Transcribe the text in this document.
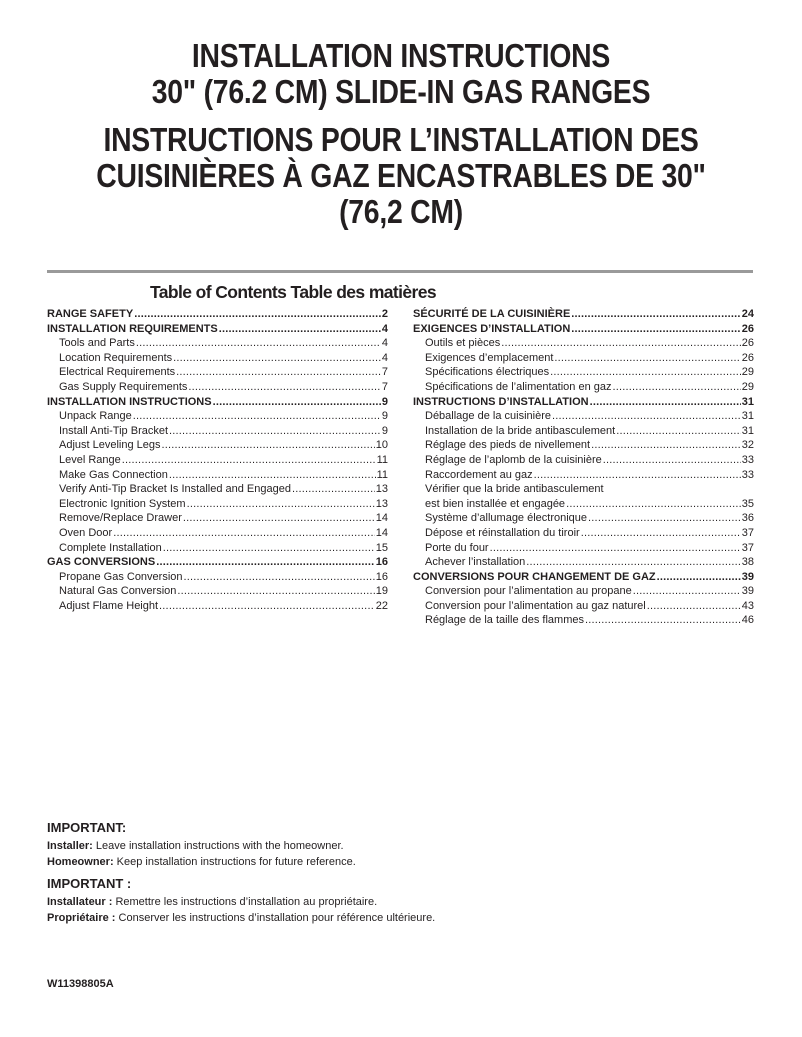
INSTALLATION INSTRUCTIONS
30" (76.2 CM) SLIDE-IN GAS RANGES
INSTRUCTIONS POUR L’INSTALLATION DES
CUISINIÈRES À GAZ ENCASTRABLES DE 30"
(76,2 CM)
Table of Contents Table des matières
RANGE SAFETY .....	2
INSTALLATION REQUIREMENTS .....	4
Tools and Parts .....	4
Location Requirements .....	4
Electrical Requirements .....	7
Gas Supply Requirements .....	7
INSTALLATION INSTRUCTIONS .....	9
Unpack Range .....	9
Install Anti-Tip Bracket .....	9
Adjust Leveling Legs .....	10
Level Range .....	11
Make Gas Connection .....	11
Verify Anti-Tip Bracket Is Installed and Engaged .....	13
Electronic Ignition System .....	13
Remove/Replace Drawer .....	14
Oven Door .....	14
Complete Installation .....	15
GAS CONVERSIONS .....	16
Propane Gas Conversion .....	16
Natural Gas Conversion .....	19
Adjust Flame Height .....	22
SÉCURITÉ DE LA CUISINIÈRE .....	24
EXIGENCES D’INSTALLATION .....	26
Outils et pièces .....	26
Exigences d’emplacement .....	26
Spécifications électriques .....	29
Spécifications de l’alimentation en gaz .....	29
INSTRUCTIONS D’INSTALLATION .....	31
Déballage de la cuisinière .....	31
Installation de la bride antibasculement .....	31
Réglage des pieds de nivellement .....	32
Réglage de l’aplomb de la cuisinière .....	33
Raccordement au gaz .....	33
Vérifier que la bride antibasculement
est bien installée et engagée .....	35
Système d’allumage électronique .....	36
Dépose et réinstallation du tiroir .....	37
Porte du four .....	37
Achever l’installation .....	38
CONVERSIONS POUR CHANGEMENT DE GAZ .....	39
Conversion pour l’alimentation au propane .....	39
Conversion pour l’alimentation au gaz naturel .....	43
Réglage de la taille des flammes .....	46
IMPORTANT:
Installer: Leave installation instructions with the homeowner.
Homeowner: Keep installation instructions for future reference.
IMPORTANT :
Installateur : Remettre les instructions d’installation au propriétaire.
Propriétaire : Conserver les instructions d’installation pour référence ultérieure.
W11398805A
